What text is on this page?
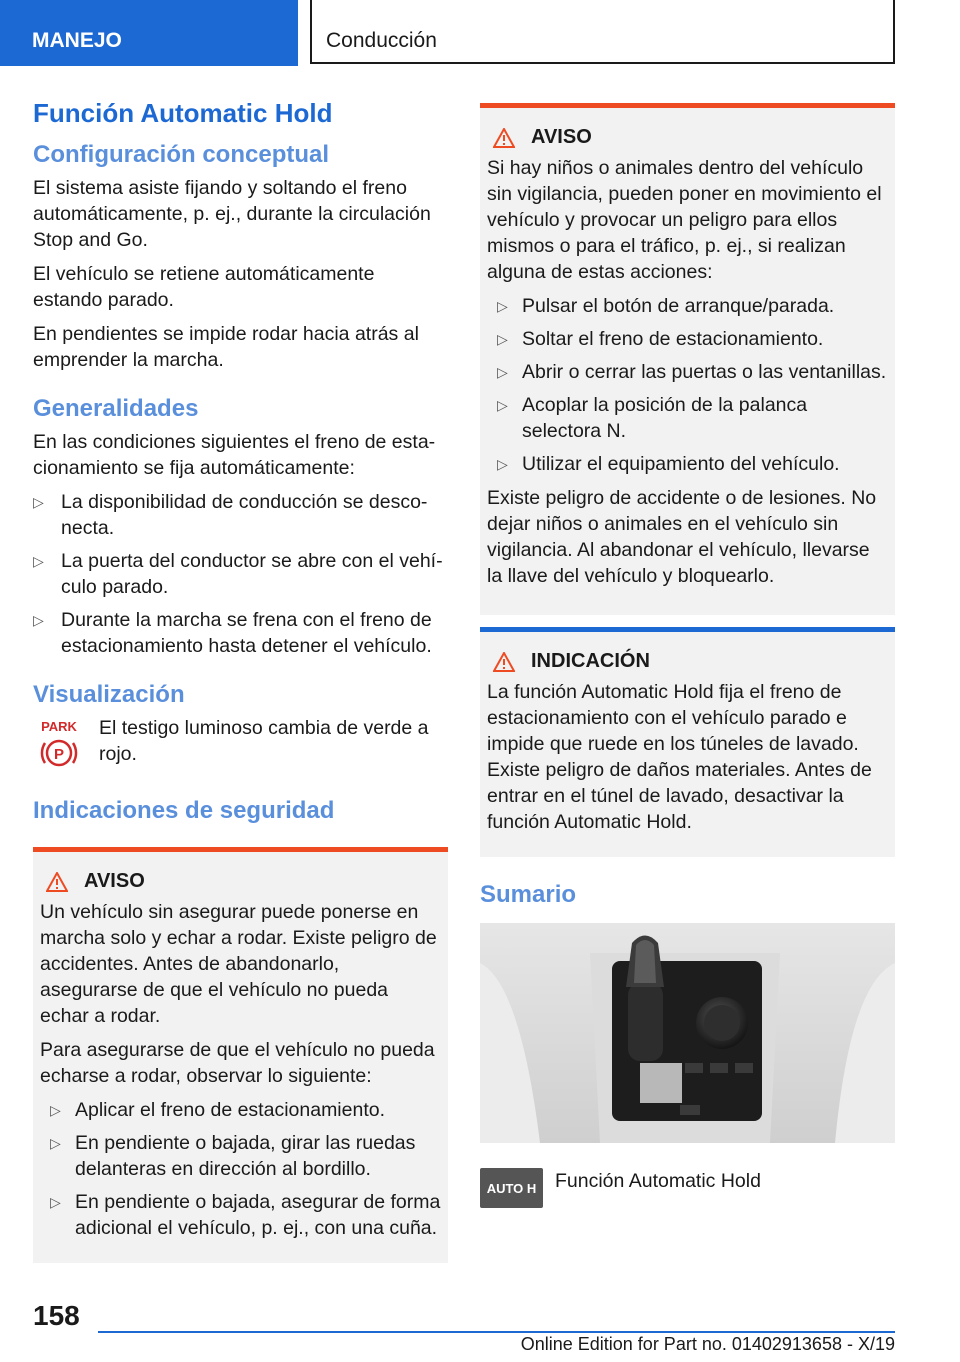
MANEJO	Conducción
Función Automatic Hold
Configuración conceptual

El sistema asiste fijando y soltando el freno automáticamente, p. ej., durante la circulación Stop and Go.

El vehículo se retiene automáticamente estando parado.

En pendientes se impide rodar hacia atrás al emprender la marcha.

Generalidades

En las condiciones siguientes el freno de estacionamiento se fija automáticamente:

▷ La disponibilidad de conducción se desconecta.
▷ La puerta del conductor se abre con el vehículo parado.
▷ Durante la marcha se frena con el freno de estacionamiento hasta detener el vehículo.
Visualización
PARK
P

El testigo luminoso cambia de verde a rojo.

Indicaciones de seguridad
AVISO

Un vehículo sin asegurar puede ponerse en marcha solo y echar a rodar. Existe peligro de accidentes. Antes de abandonarlo, asegurarse de que el vehículo no pueda echar a rodar.

Para asegurarse de que el vehículo no pueda echarse a rodar, observar lo siguiente:

▷ Aplicar el freno de estacionamiento.
▷ En pendiente o bajada, girar las ruedas delanteras en dirección al bordillo.
▷ En pendiente o bajada, asegurar de forma adicional el vehículo, p. ej., con una cuña.
AVISO

Si hay niños o animales dentro del vehículo sin vigilancia, pueden poner en movimiento el vehículo y provocar un peligro para ellos mismos o para el tráfico, p. ej., si realizan alguna de estas acciones:

▷ Pulsar el botón de arranque/parada.
▷ Soltar el freno de estacionamiento.
▷ Abrir o cerrar las puertas o las ventanillas.
▷ Acoplar la posición de la palanca selectora N.
▷ Utilizar el equipamiento del vehículo.

Existe peligro de accidente o de lesiones. No dejar niños o animales en el vehículo sin vigilancia. Al abandonar el vehículo, llevarse la llave del vehículo y bloquearlo.

INDICACIÓN

La función Automatic Hold fija el freno de estacionamiento con el vehículo parado e impide que ruede en los túneles de lavado. Existe peligro de daños materiales. Antes de entrar en el túnel de lavado, desactivar la función Automatic Hold.

Sumario
AUTO H Función Automatic Hold

158
Online Edition for Part no. 01402913658 - X/19
